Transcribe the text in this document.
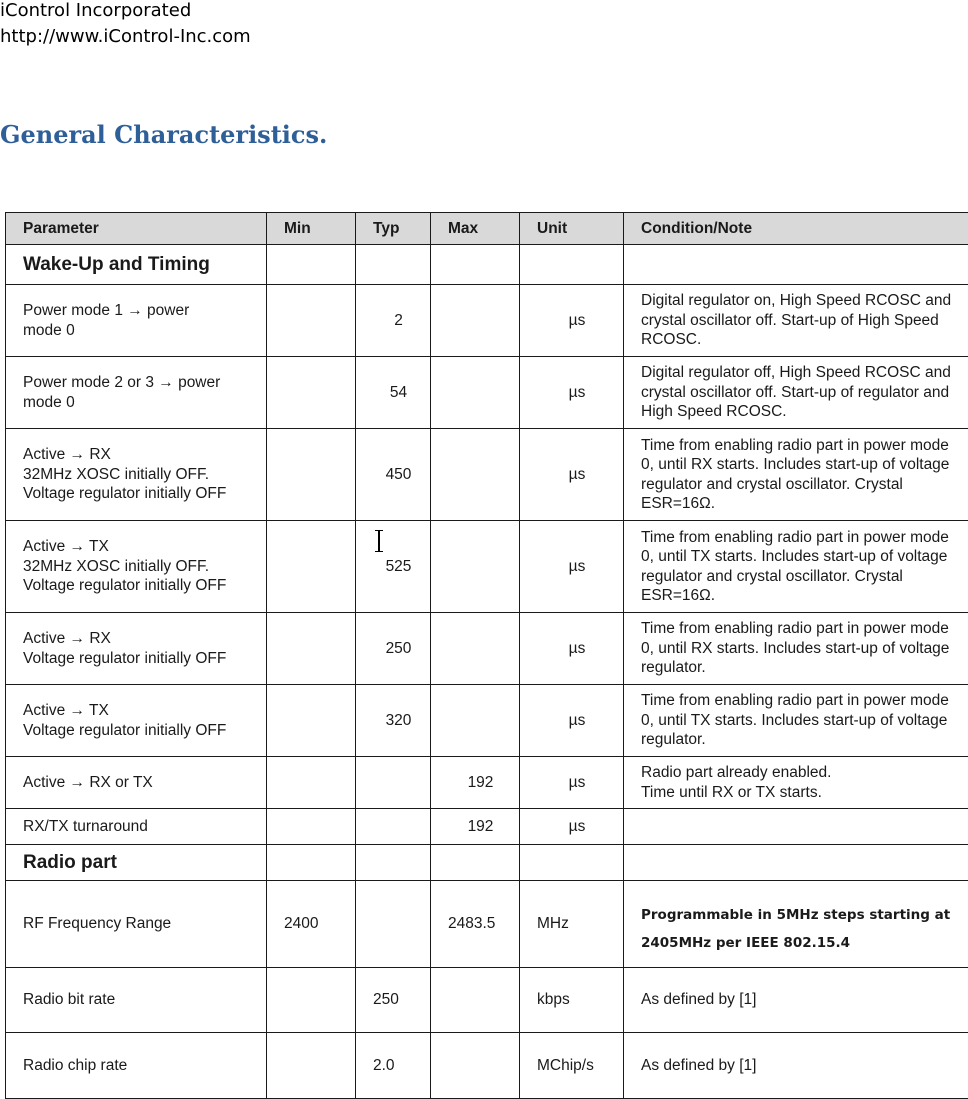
iControl Incorporated
http://www.iControl-Inc.com
General Characteristics.
Parameter	Min	Typ	Max	Unit	Condition/Note
Wake-Up and Timing					
Power mode 1 → power
mode 0		2		µs	Digital regulator on, High Speed RCOSC and crystal oscillator off. Start-up of High Speed RCOSC.
Power mode 2 or 3 → power
mode 0		54		µs	Digital regulator off, High Speed RCOSC and crystal oscillator off. Start-up of regulator and High Speed RCOSC.
Active → RX
32MHz XOSC initially OFF.
Voltage regulator initially OFF		450		µs	Time from enabling radio part in power mode 0, until RX starts. Includes start-up of voltage regulator and crystal oscillator. Crystal ESR=16Ω.
Active → TX
32MHz XOSC initially OFF.
Voltage regulator initially OFF		525		µs	Time from enabling radio part in power mode 0, until TX starts. Includes start-up of voltage regulator and crystal oscillator. Crystal ESR=16Ω.
Active → RX
Voltage regulator initially OFF		250		µs	Time from enabling radio part in power mode 0, until RX starts. Includes start-up of voltage regulator.
Active → TX
Voltage regulator initially OFF		320		µs	Time from enabling radio part in power mode 0, until TX starts. Includes start-up of voltage regulator.
Active → RX or TX			192	µs	Radio part already enabled.
Time until RX or TX starts.
RX/TX turnaround			192	µs	
Radio part					
RF Frequency Range	2400		2483.5	MHz	Programmable in 5MHz steps starting at 2405MHz per IEEE 802.15.4

Radio bit rate		250		kbps	As defined by [1]
Radio chip rate		2.0		MChip/s	As defined by [1]
